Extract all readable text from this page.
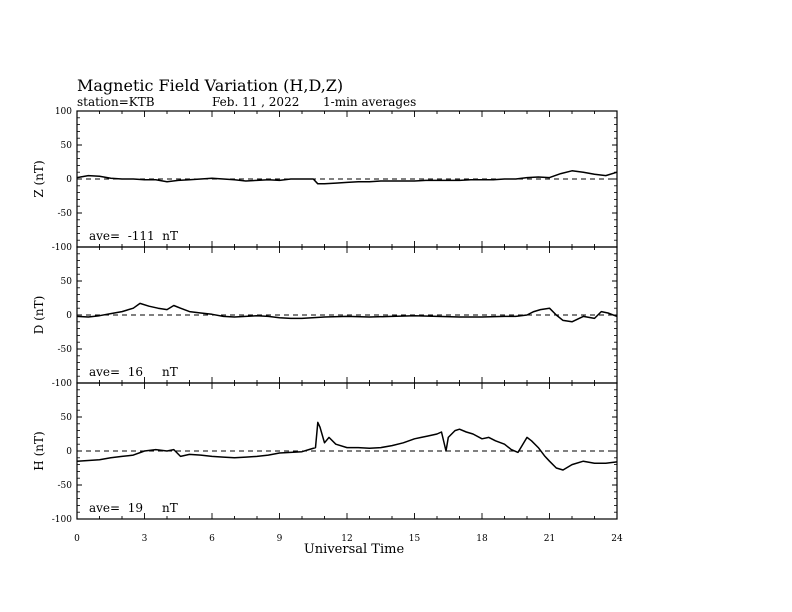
Magnetic Field Variation (H,D,Z)
station=KTB	Feb. 11 , 2022 1-min averages
100
50
0
-50
-100
Z (nT)
ave=  -111  nT
50
0
-50
-100
D (nT)
ave=  16     nT
50
0
-50
-100
H (nT)
ave=  19     nT
0	3	6	9	12	15	18	21	24
Universal Time
